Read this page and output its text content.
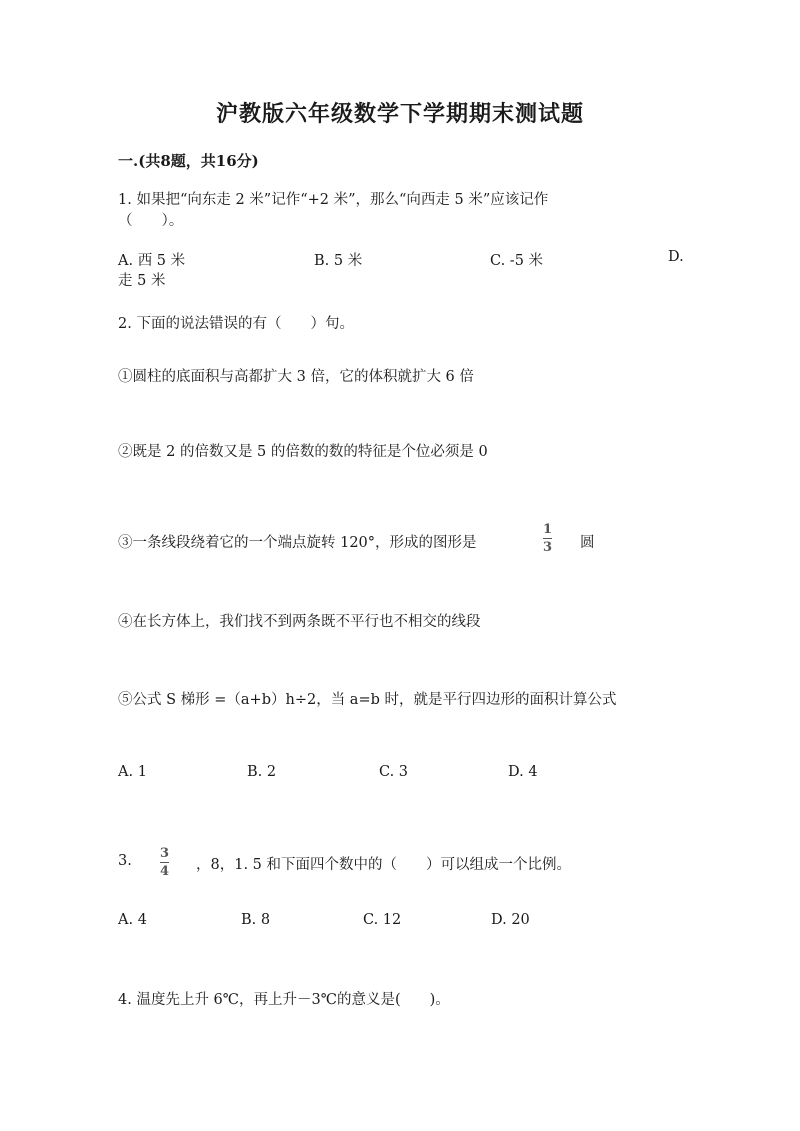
沪教版六年级数学下学期期末测试题
一.(共8题，共16分)
1. 如果把“向东走 2 米”记作“+2 米”，那么“向西走 5 米”应该记作
（　　）。
A. 西 5 米	B. 5 米	C. -5 米	D.
走 5 米
2. 下面的说法错误的有（　　）句。
①圆柱的底面积与高都扩大 3 倍，它的体积就扩大 6 倍
②既是 2 的倍数又是 5 的倍数的数的特征是个位必须是 0
③一条线段绕着它的一个端点旋转 120°，形成的图形是
1
3 圆
④在长方体上，我们找不到两条既不平行也不相交的线段
⑤公式 S 梯形 =（a+b）h÷2，当 a=b 时，就是平行四边形的面积计算公式
A. 1	B. 2	C. 3	D. 4
3. 3
4 ，8，1. 5 和下面四个数中的（　　）可以组成一个比例。
A. 4	B. 8	C. 12	D. 20
4. 温度先上升 6℃，再上升－3℃的意义是(　　)。
